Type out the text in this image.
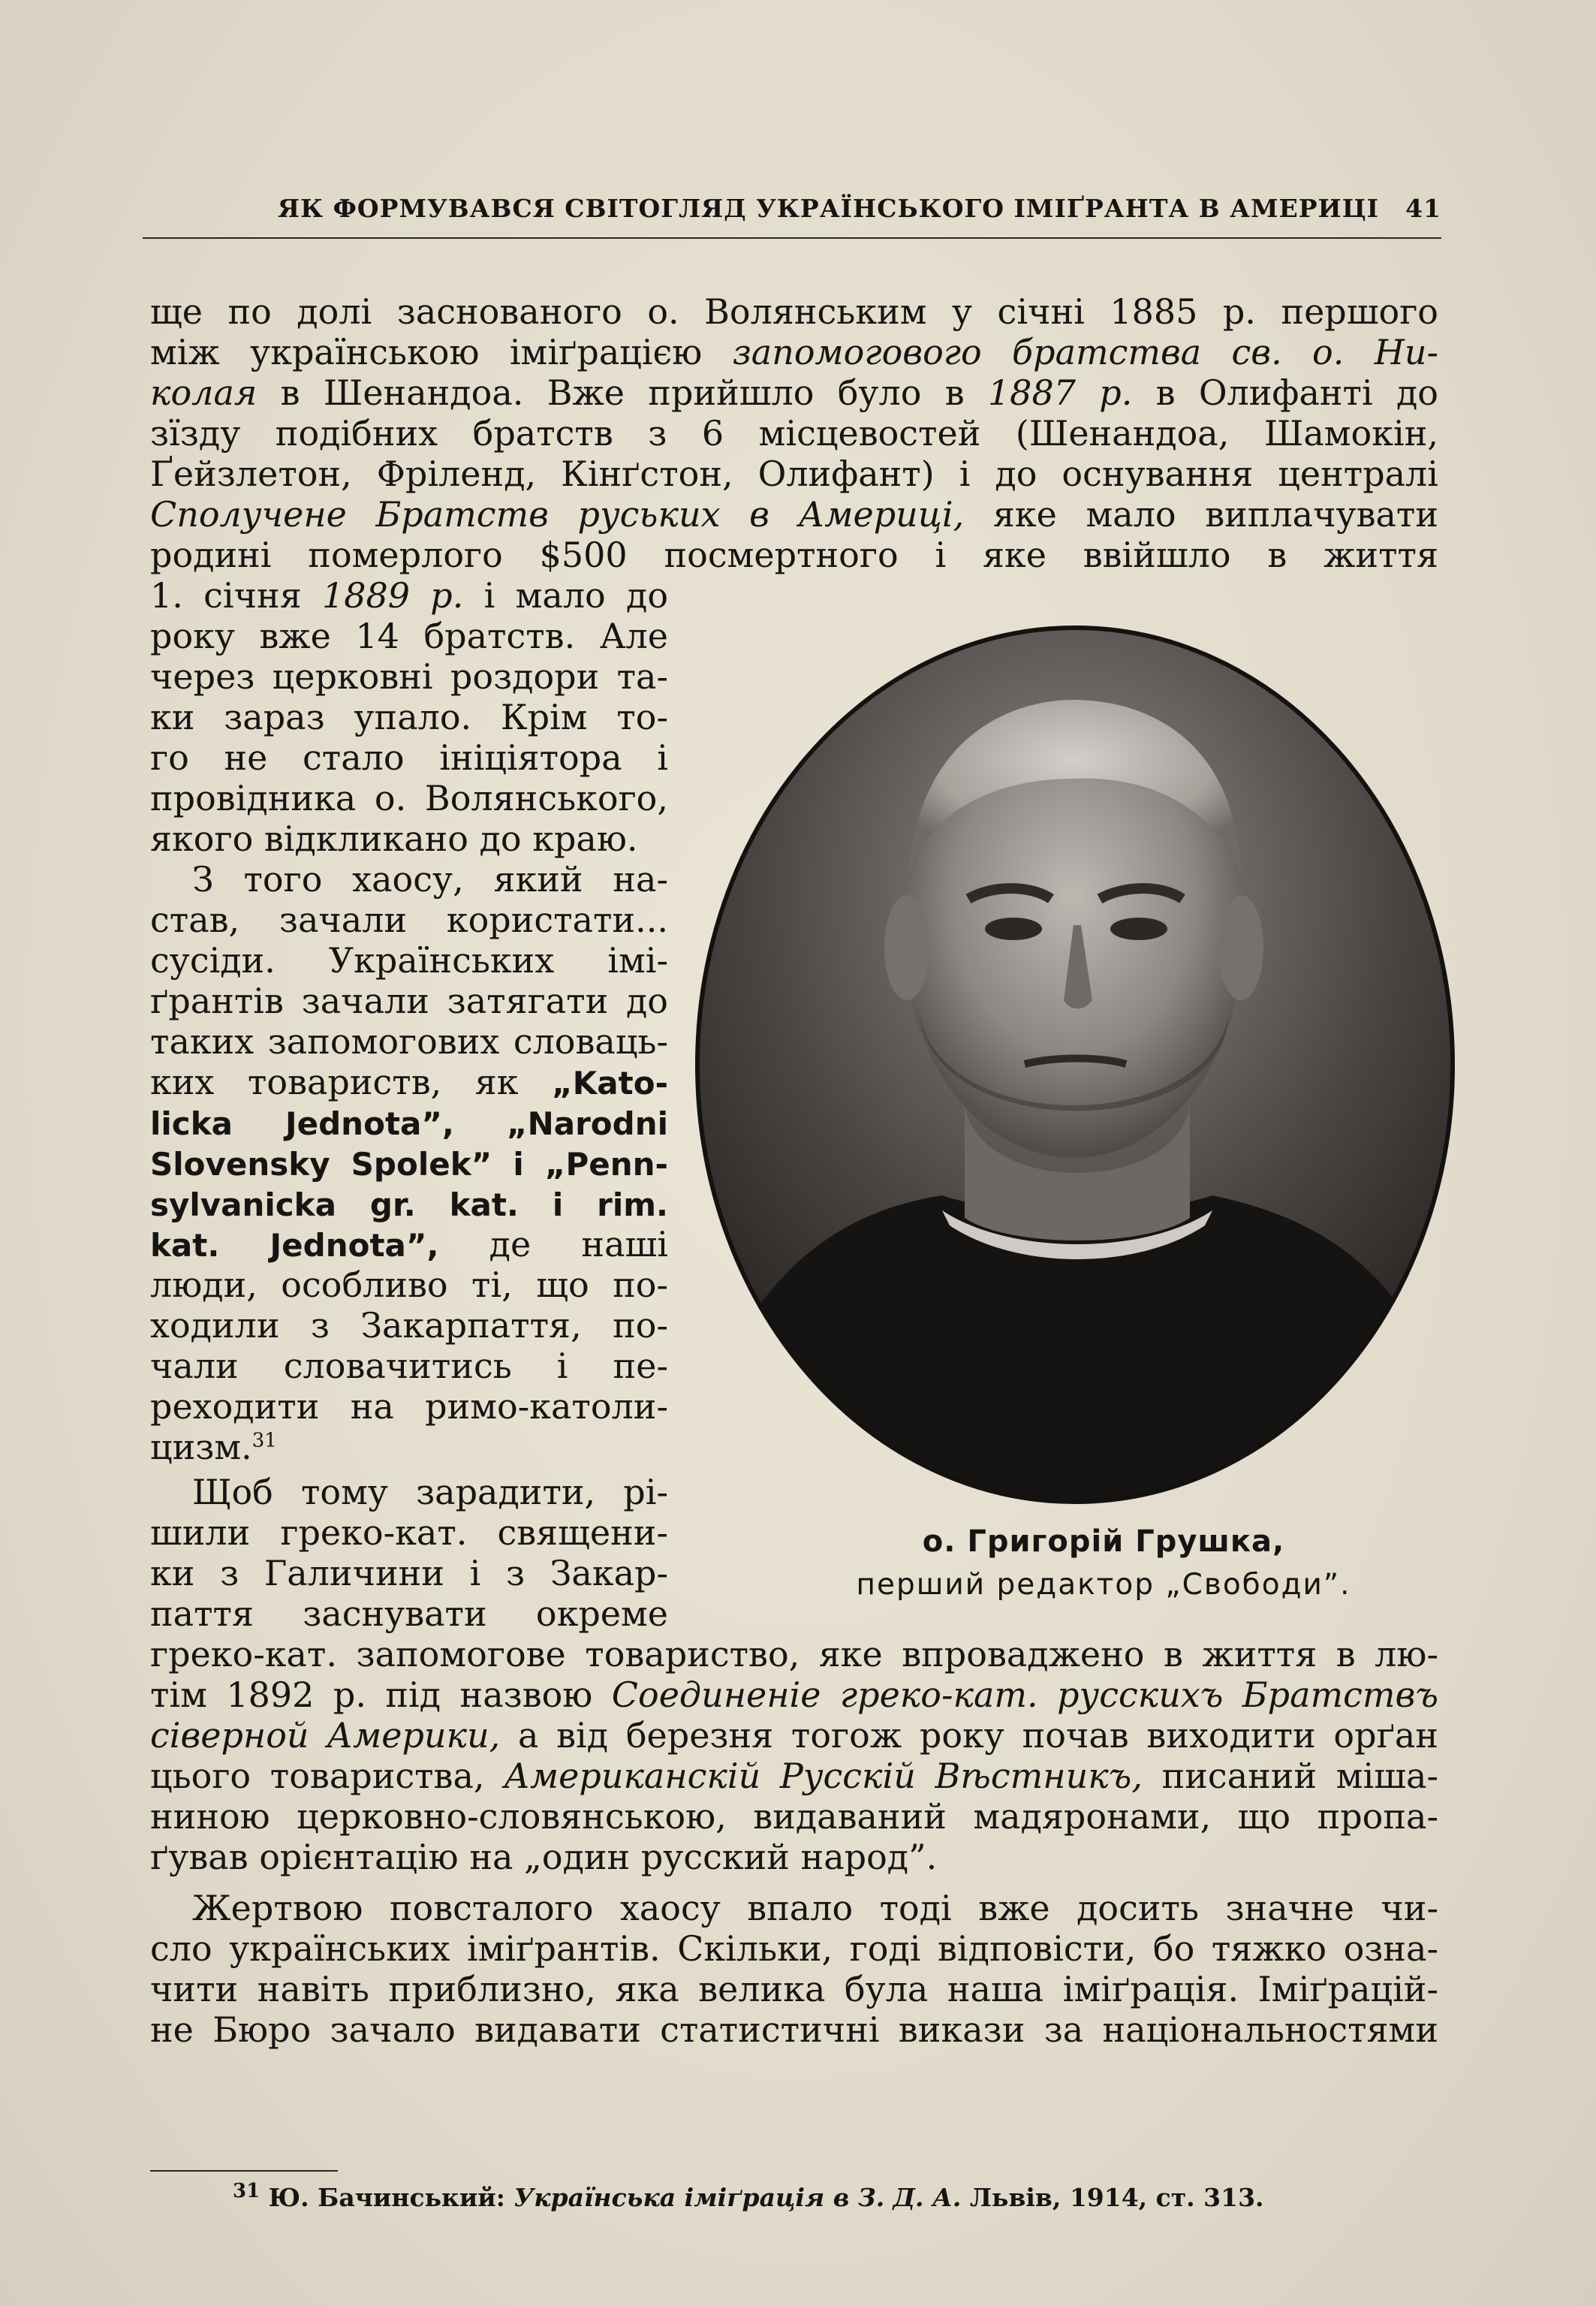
ЯК ФОРМУВАВСЯ СВІТОГЛЯД УКРАЇНСЬКОГО ІМІҐРАНТА В АМЕРИЦІ 41
ще по долі заснованого о. Волянським у січні 1885 р. першого
між українською іміґрацією запомогового братства св. о. Ни-
колая в Шенандоа. Вже прийшло було в 1887 р. в Олифанті до
зїзду подібних братств з 6 місцевостей (Шенандоа, Шамокін,
Ґейзлетон, Фріленд, Кінґстон, Олифант) і до оснування централі
Сполучене Братств руських в Америці, яке мало виплачувати
родині померлого $500 посмертного і яке ввійшло в життя
1. січня 1889 р. і мало до
року вже 14 братств. Але
через церковні роздори та-
ки зараз упало. Крім то-
го не стало ініціятора і
провідника о. Волянського,
якого відкликано до краю.
З того хаосу, який на-
став, зачали користати...
сусіди. Українських імі-
ґрантів зачали затягати до
таких запомогових словаць-
ких товариств, як „Kato-
licka Jednota”, „Narodni
Slovensky Spolek” і „Penn-
sylvanicka gr. kat. i rim.
kat. Jednota”, де наші
люди, особливо ті, що по-
ходили з Закарпаття, по-
чали словачитись і пе-
реходити на римо-католи-
цизм.$^{31}$
Щоб тому зарадити, рі-
шили греко-кат. священи-
ки з Галичини і з Закар-
паття заснувати окреме
греко-кат. запомогове товариство, яке впроваджено в життя в лю-
тім 1892 р. під назвою Соединеніе греко-кат. русскихъ Братствъ
сіверной Америки, а від березня тогож року почав виходити орґан
цього товариства, Американскій Русскій Вѣстникъ, писаний міша-
ниною церковно-словянською, видаваний мадяронами, що пропа-
ґував орієнтацію на „один русский народ”.
Жертвою повсталого хаосу впало тоді вже досить значне чи-
сло українських іміґрантів. Скільки, годі відповісти, бо тяжко озна-
чити навіть приблизно, яка велика була наша іміґрація. Іміґрацій-
не Бюро зачало видавати статистичні викази за національностями
о. Григорій Грушка,
перший редактор „Свободи”.
$^{31}$ Ю. Бачинський: Українська іміґрація в З. Д. А. Львів, 1914, ст. 313.
